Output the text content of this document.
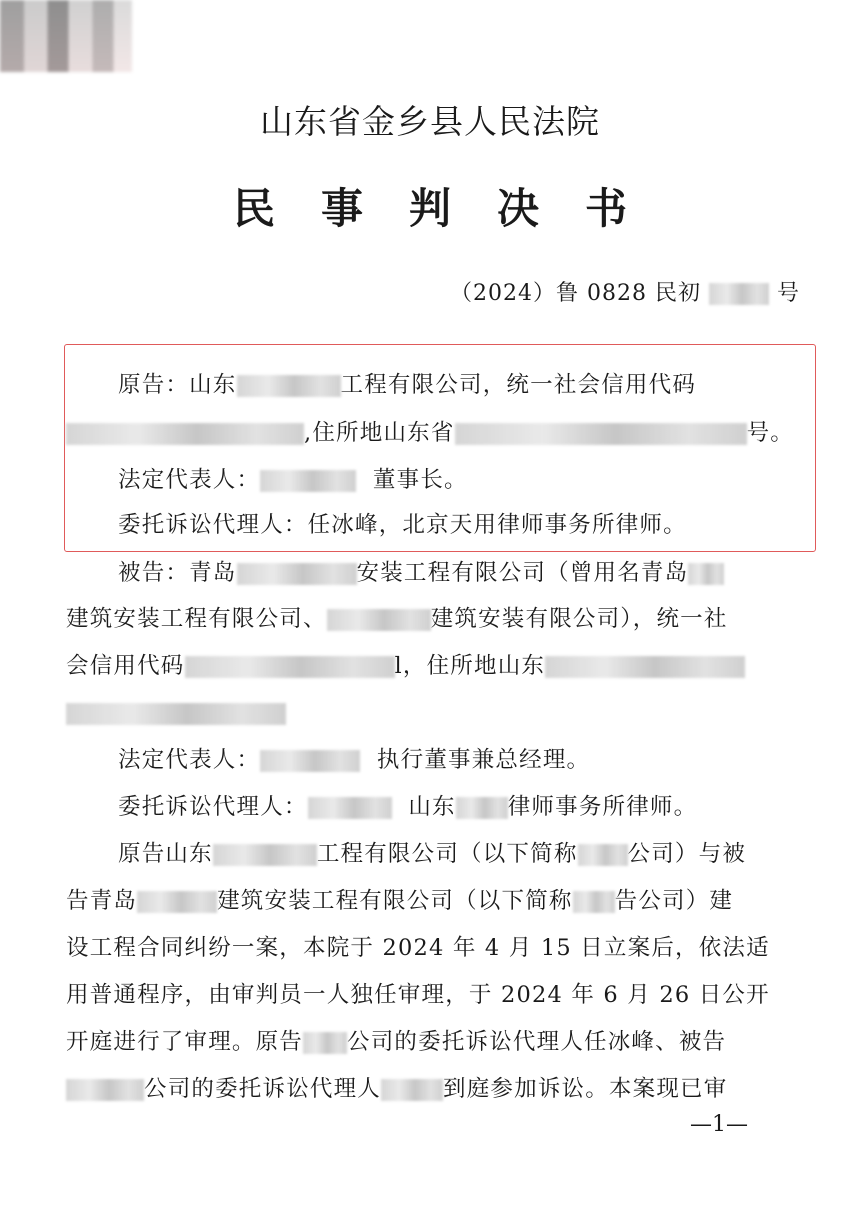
山东省金乡县人民法院
民事判决书
（2024）鲁 0828 民初	号
原告：山东	工程有限公司，统一社会信用代码
,住所地山东省	号。
法定代表人：	董事长。
委托诉讼代理人：任冰峰，北京天用律师事务所律师。
被告：青岛	安装工程有限公司（曾用名青岛
建筑安装工程有限公司、	建筑安装有限公司），统一社
会信用代码	l，住所地山东
法定代表人：	执行董事兼总经理。
委托诉讼代理人：	山东 律师事务所律师。
原告山东	工程有限公司（以下简称 公司）与被
告青岛	建筑安装工程有限公司（以下简称 告公司）建
设工程合同纠纷一案，本院于 2024 年 4 月 15 日立案后，依法适
用普通程序，由审判员一人独任审理，于 2024 年 6 月 26 日公开
开庭进行了审理。原告 公司的委托诉讼代理人任冰峰、被告
公司的委托诉讼代理人	到庭参加诉讼。本案现已审
—1—
